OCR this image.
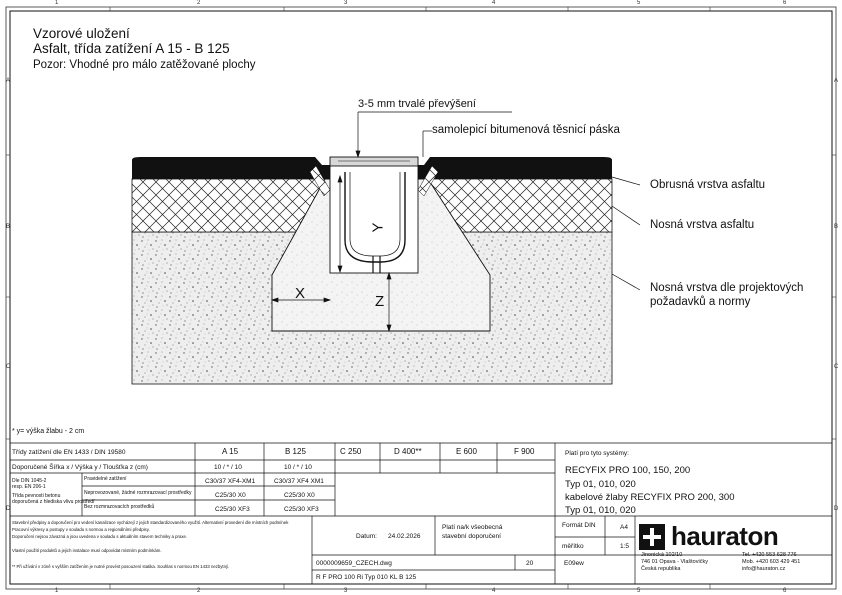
1	2	3	4	5	6
1	2	3	4	5	6
A
B
C
D
A
B
C
D
Vzorové uložení
Asfalt, třída zatížení A 15 - B 125
Pozor: Vhodné pro málo zatěžované plochy
3-5 mm trvalé převýšení
samolepicí bitumenová těsnicí páska
Obrusná vrstva asfaltu
Nosná vrstva asfaltu
Nosná vrstva dle projektových
požadavků a normy
X
Y
Z
* y= výška žlabu - 2 cm
Třídy zatížení dle EN 1433 / DIN 19580	A 15	B 125	C 250	D 400**	E 600	F 900
Doporučené Šířka x / Výška y / Tloušťka z (cm)	10 / * / 10	10 / * / 10
Dle DIN 1045-2
resp. EN 206-1
Třída pevnosti betonu
doporučená z hlediska vlivu prostředí
Pravidelné zatížení	C30/37 XF4-XM1	C30/37 XF4 XM1
Neprovozované, žádné rozmrazovací prostředky	C25/30 X0	C25/30 X0
Bez rozmrazovacích prostředků	C25/30 XF3	C25/30 XF3
Platí pro tyto systémy:
RECYFIX PRO 100, 150, 200
Typ 01, 010, 020
kabelové žlaby RECYFIX PRO 200, 300
Typ 01, 010, 020
Stavební předpisy a doporučení pro vedení kanalizace vycházejí z jejich standardizovaného využití. Alternativní provedení dle místních podmínek
Pracovní výkresy a postupy v souladu s normou a regionálními předpisy.
Doporučení nejsou závazná a jsou uvedena v souladu s aktuálním stavem techniky a praxe.
Vlastní použití produktů a jejich instalace musí odpovídat místním podmínkám.
** Při užívání v zóně s vyšším zatížením je nutné provést posouzení statika. Souhlas s normou EN 1433 nezbytný.
Datum: 24.02.2026
Platí na/k všeobecná
stavební doporučení
Formát DIN	A4
měřítko	1:5
0000009659_CZECH.dwg	20	E09ew
R F PRO 100 Ri Typ 010 KL B 125
hauraton
Jinonická 102/10
746 01 Opava - Vlaštovičky
Česká republika
Tel. +420 553 628 776
Mob. +420 603 429 451
info@hauraton.cz
